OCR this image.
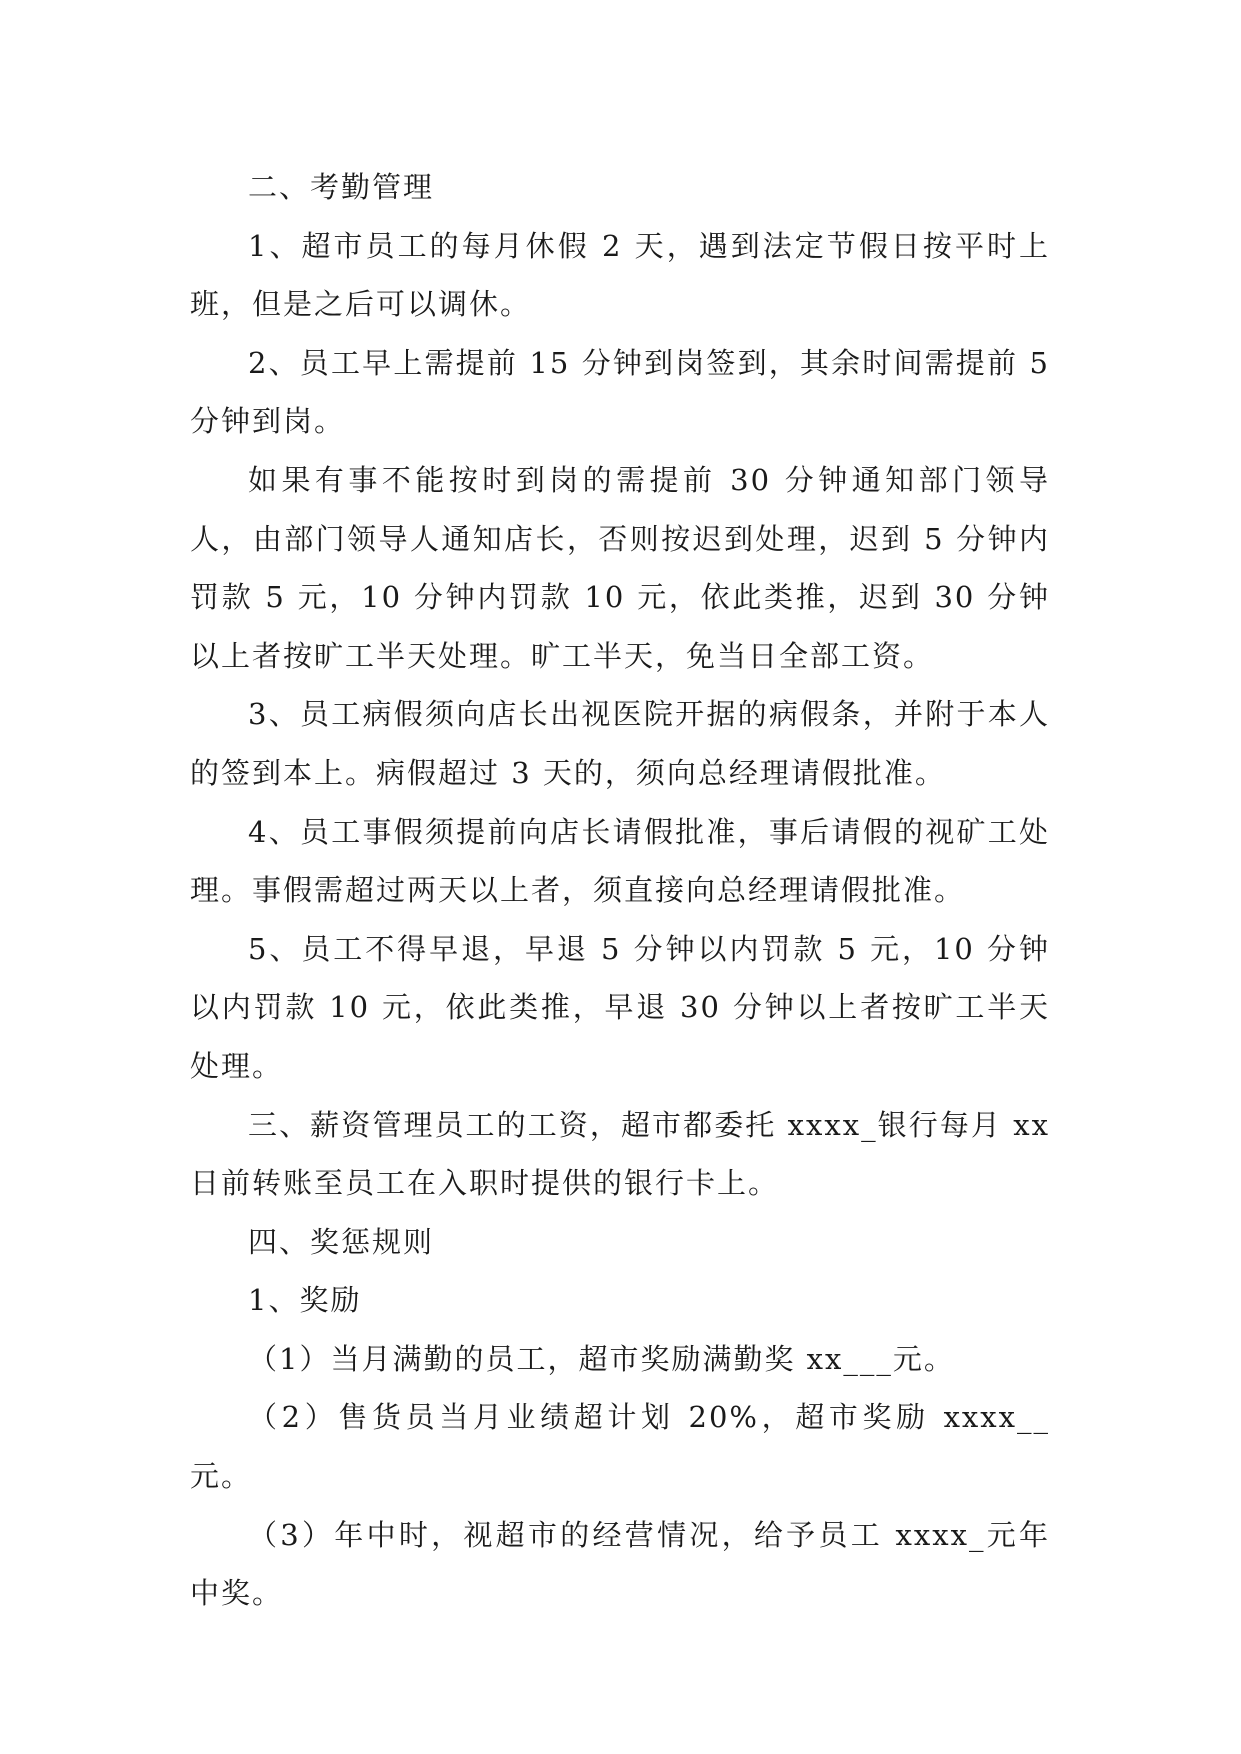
二、考勤管理

1、超市员工的每月休假 2 天，遇到法定节假日按平时上班，但是之后可以调休。

2、员工早上需提前 15 分钟到岗签到，其余时间需提前 5 分钟到岗。

如果有事不能按时到岗的需提前 30 分钟通知部门领导人，由部门领导人通知店长，否则按迟到处理，迟到 5 分钟内罚款 5 元，10 分钟内罚款 10 元，依此类推，迟到 30 分钟以上者按旷工半天处理。旷工半天，免当日全部工资。

3、员工病假须向店长出视医院开据的病假条，并附于本人的签到本上。病假超过 3 天的，须向总经理请假批准。

4、员工事假须提前向店长请假批准，事后请假的视矿工处理。事假需超过两天以上者，须直接向总经理请假批准。

5、员工不得早退，早退 5 分钟以内罚款 5 元，10 分钟以内罚款 10 元，依此类推，早退 30 分钟以上者按旷工半天处理。

三、薪资管理员工的工资，超市都委托 xxxx_银行每月 xx 日前转账至员工在入职时提供的银行卡上。

四、奖惩规则

1、奖励

（1）当月满勤的员工，超市奖励满勤奖 xx___元。

（2）售货员当月业绩超计划 20%，超市奖励 xxxx__元。

（3）年中时，视超市的经营情况，给予员工 xxxx_元年中奖。
